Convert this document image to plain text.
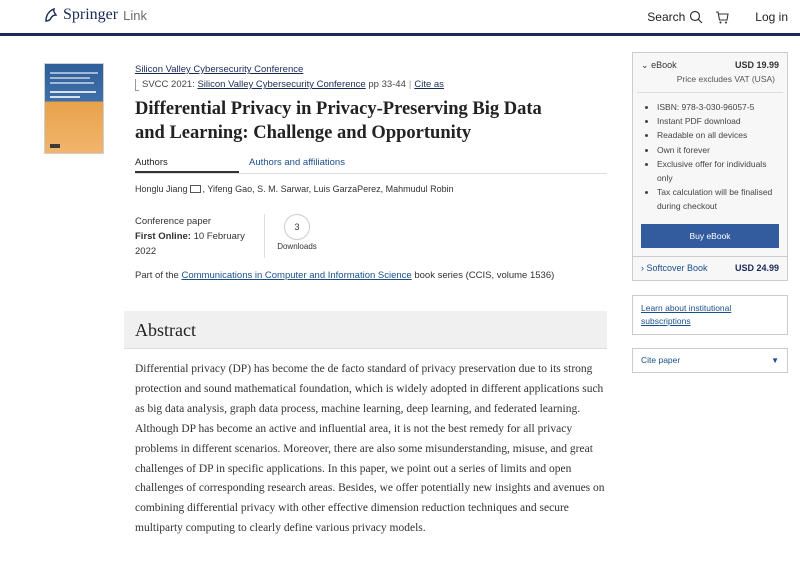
Springer Link	Search	Log in
Silicon Valley Cybersecurity Conference
SVCC 2021:
Silicon Valley Cybersecurity Conference
pp 33-44 | Cite as
Differential Privacy in Privacy-Preserving Big Data and Learning: Challenge and Opportunity
Authors	Authors and affiliations
Honglu Jiang , Yifeng Gao, S. M. Sarwar, Luis GarzaPerez, Mahmudul Robin
Conference paper
First Online: 10 February 2022
3
Downloads
Part of the Communications in Computer and Information Science book series (CCIS, volume 1536)
Abstract

Differential privacy (DP) has become the de facto standard of privacy preservation due to its strong protection and sound mathematical foundation, which is widely adopted in different applications such as big data analysis, graph data process, machine learning, deep learning, and federated learning. Although DP has become an active and influential area, it is not the best remedy for all privacy problems in different scenarios. Moreover, there are also some misunderstanding, misuse, and great challenges of DP in specific applications. In this paper, we point out a series of limits and open challenges of corresponding research areas. Besides, we offer potentially new insights and avenues on combining differential privacy with other effective dimension reduction techniques and secure multiparty computing to clearly define various privacy models.

⌄ eBook	USD 19.99
Price excludes VAT (USA)
• ISBN: 978-3-030-96057-5
• Instant PDF download
• Readable on all devices
• Own it forever
• Exclusive offer for individuals only
• Tax calculation will be finalised during checkout
Buy eBook
› Softcover Book	USD 24.99
Learn about institutional subscriptions
Cite paper	▼
